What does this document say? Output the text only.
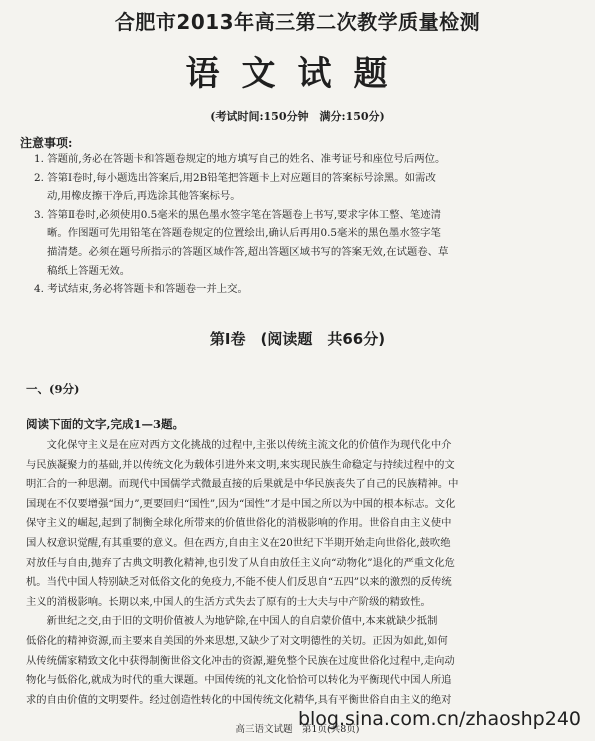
合肥市2013年高三第二次教学质量检测
语文试题
(考试时间:150分钟　满分:150分)
注意事项:
1. 答题前,务必在答题卡和答题卷规定的地方填写自己的姓名、准考证号和座位号后两位。
2. 答第Ⅰ卷时,每小题选出答案后,用2B铅笔把答题卡上对应题目的答案标号涂黑。如需改
动,用橡皮擦干净后,再选涂其他答案标号。
3. 答第Ⅱ卷时,必须使用0.5毫米的黑色墨水签字笔在答题卷上书写,要求字体工整、笔迹清
晰。作图题可先用铅笔在答题卷规定的位置绘出,确认后再用0.5毫米的黑色墨水签字笔
描清楚。必须在题号所指示的答题区域作答,超出答题区域书写的答案无效,在试题卷、草
稿纸上答题无效。
4. 考试结束,务必将答题卡和答题卷一并上交。
第Ⅰ卷　(阅读题　共66分)
一、(9分)
阅读下面的文字,完成1—3题。
　　文化保守主义是在应对西方文化挑战的过程中,主张以传统主流文化的价值作为现代化中介
与民族凝聚力的基础,并以传统文化为载体引进外来文明,来实现民族生命稳定与持续过程中的文
明汇合的一种思潮。而现代中国儒学式微最直接的后果就是中华民族丧失了自己的民族精神。中
国现在不仅要增强“国力”,更要回归“国性”,因为“国性”才是中国之所以为中国的根本标志。文化
保守主义的崛起,起到了制衡全球化所带来的价值世俗化的消极影响的作用。世俗自由主义使中
国人权意识觉醒,有其重要的意义。但在西方,自由主义在20世纪下半期开始走向世俗化,鼓吹绝
对放任与自由,抛弃了古典文明教化精神,也引发了从自由放任主义向“动物化”退化的严重文化危
机。当代中国人特别缺乏对低俗文化的免疫力,不能不使人们反思自“五四”以来的激烈的反传统
主义的消极影响。长期以来,中国人的生活方式失去了原有的士大夫与中产阶级的精致性。
　　新世纪之交,由于旧的文明价值被人为地铲除,在中国人的自启蒙价值中,本来就缺少抵制
低俗化的精神资源,而主要来自美国的外来思想,又缺少了对文明德性的关切。正因为如此,如何
从传统儒家精致文化中获得制衡世俗文化冲击的资源,避免整个民族在过度世俗化过程中,走向动
物化与低俗化,就成为时代的重大课题。中国传统的礼文化恰恰可以转化为平衡现代中国人所追
求的自由价值的文明要件。经过创造性转化的中国传统文化精华,具有平衡世俗自由主义的绝对
高三语文试题　第1页(共8页)
blog.sina.com.cn/zhaoshp240
